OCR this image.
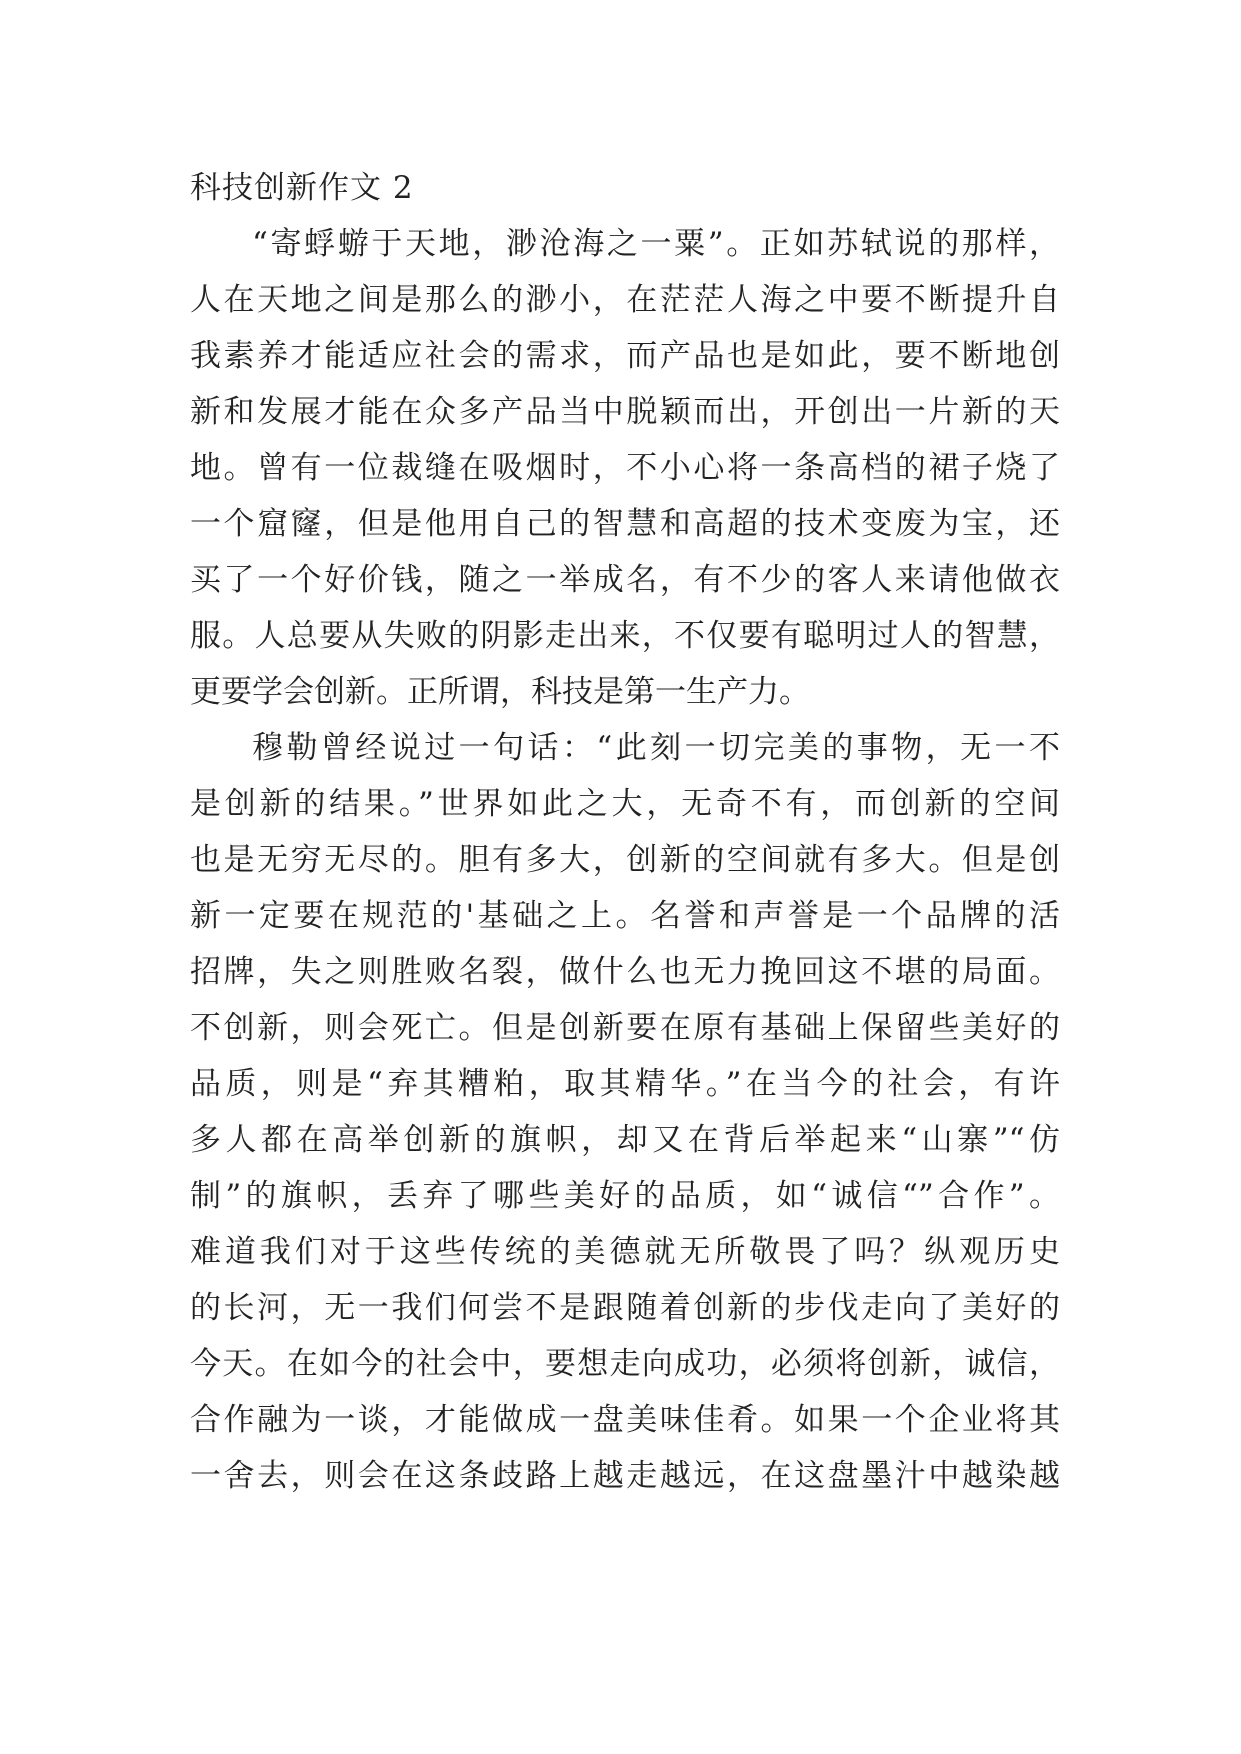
科技创新作文 2
“寄蜉蝣于天地，渺沧海之一粟”。正如苏轼说的那样，
人在天地之间是那么的渺小，在茫茫人海之中要不断提升自
我素养才能适应社会的需求，而产品也是如此，要不断地创
新和发展才能在众多产品当中脱颖而出，开创出一片新的天
地。曾有一位裁缝在吸烟时，不小心将一条高档的裙子烧了
一个窟窿，但是他用自己的智慧和高超的技术变废为宝，还
买了一个好价钱，随之一举成名，有不少的客人来请他做衣
服。人总要从失败的阴影走出来，不仅要有聪明过人的智慧，
更要学会创新。正所谓，科技是第一生产力。
穆勒曾经说过一句话：“此刻一切完美的事物，无一不
是创新的结果。”世界如此之大，无奇不有，而创新的空间
也是无穷无尽的。胆有多大，创新的空间就有多大。但是创
新一定要在规范的'基础之上。名誉和声誉是一个品牌的活
招牌，失之则胜败名裂，做什么也无力挽回这不堪的局面。
不创新，则会死亡。但是创新要在原有基础上保留些美好的
品质，则是“弃其糟粕，取其精华。”在当今的社会，有许
多人都在高举创新的旗帜，却又在背后举起来“山寨”“仿
制”的旗帜，丢弃了哪些美好的品质，如“诚信“”合作”。
难道我们对于这些传统的美德就无所敬畏了吗？纵观历史
的长河，无一我们何尝不是跟随着创新的步伐走向了美好的
今天。在如今的社会中，要想走向成功，必须将创新，诚信，
合作融为一谈，才能做成一盘美味佳肴。如果一个企业将其
一舍去，则会在这条歧路上越走越远，在这盘墨汁中越染越
